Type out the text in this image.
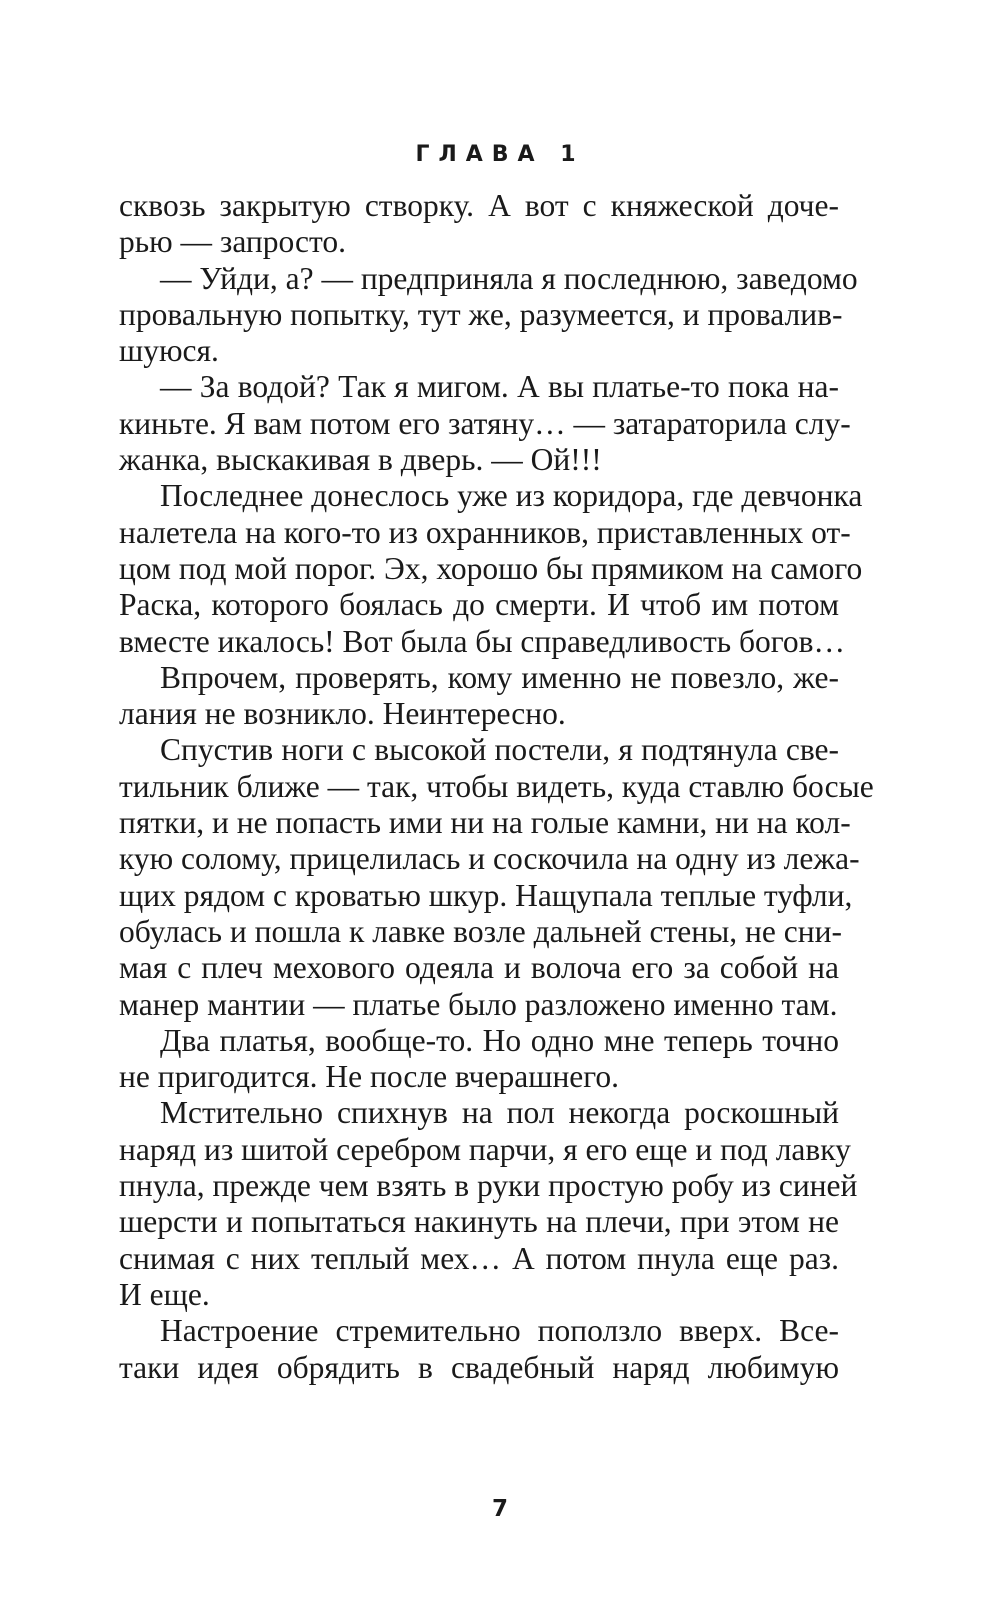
ГЛАВА 1
сквозь закрытую створку. А вот с княжеской доче-
рью — запросто.
— Уйди, а? — предприняла я последнюю, заведомо
провальную попытку, тут же, разумеется, и провалив-
шуюся.
— За водой? Так я мигом. А вы платье-то пока на-
киньте. Я вам потом его затяну… — затараторила слу-
жанка, выскакивая в дверь. — Ой!!!
Последнее донеслось уже из коридора, где девчонка
налетела на кого-то из охранников, приставленных от-
цом под мой порог. Эх, хорошо бы прямиком на самого
Раска, которого боялась до смерти. И чтоб им потом
вместе икалось! Вот была бы справедливость богов…
Впрочем, проверять, кому именно не повезло, же-
лания не возникло. Неинтересно.
Спустив ноги с высокой постели, я подтянула све-
тильник ближе — так, чтобы видеть, куда ставлю босые
пятки, и не попасть ими ни на голые камни, ни на кол-
кую солому, прицелилась и соскочила на одну из лежа-
щих рядом с кроватью шкур. Нащупала теплые туфли,
обулась и пошла к лавке возле дальней стены, не сни-
мая с плеч мехового одеяла и волоча его за собой на
манер мантии — платье было разложено именно там.
Два платья, вообще-то. Но одно мне теперь точно
не пригодится. Не после вчерашнего.
Мстительно спихнув на пол некогда роскошный
наряд из шитой серебром парчи, я его еще и под лавку
пнула, прежде чем взять в руки простую робу из синей
шерсти и попытаться накинуть на плечи, при этом не
снимая с них теплый мех… А потом пнула еще раз.
И еще.
Настроение стремительно поползло вверх. Все-
таки идея обрядить в свадебный наряд любимую
7
